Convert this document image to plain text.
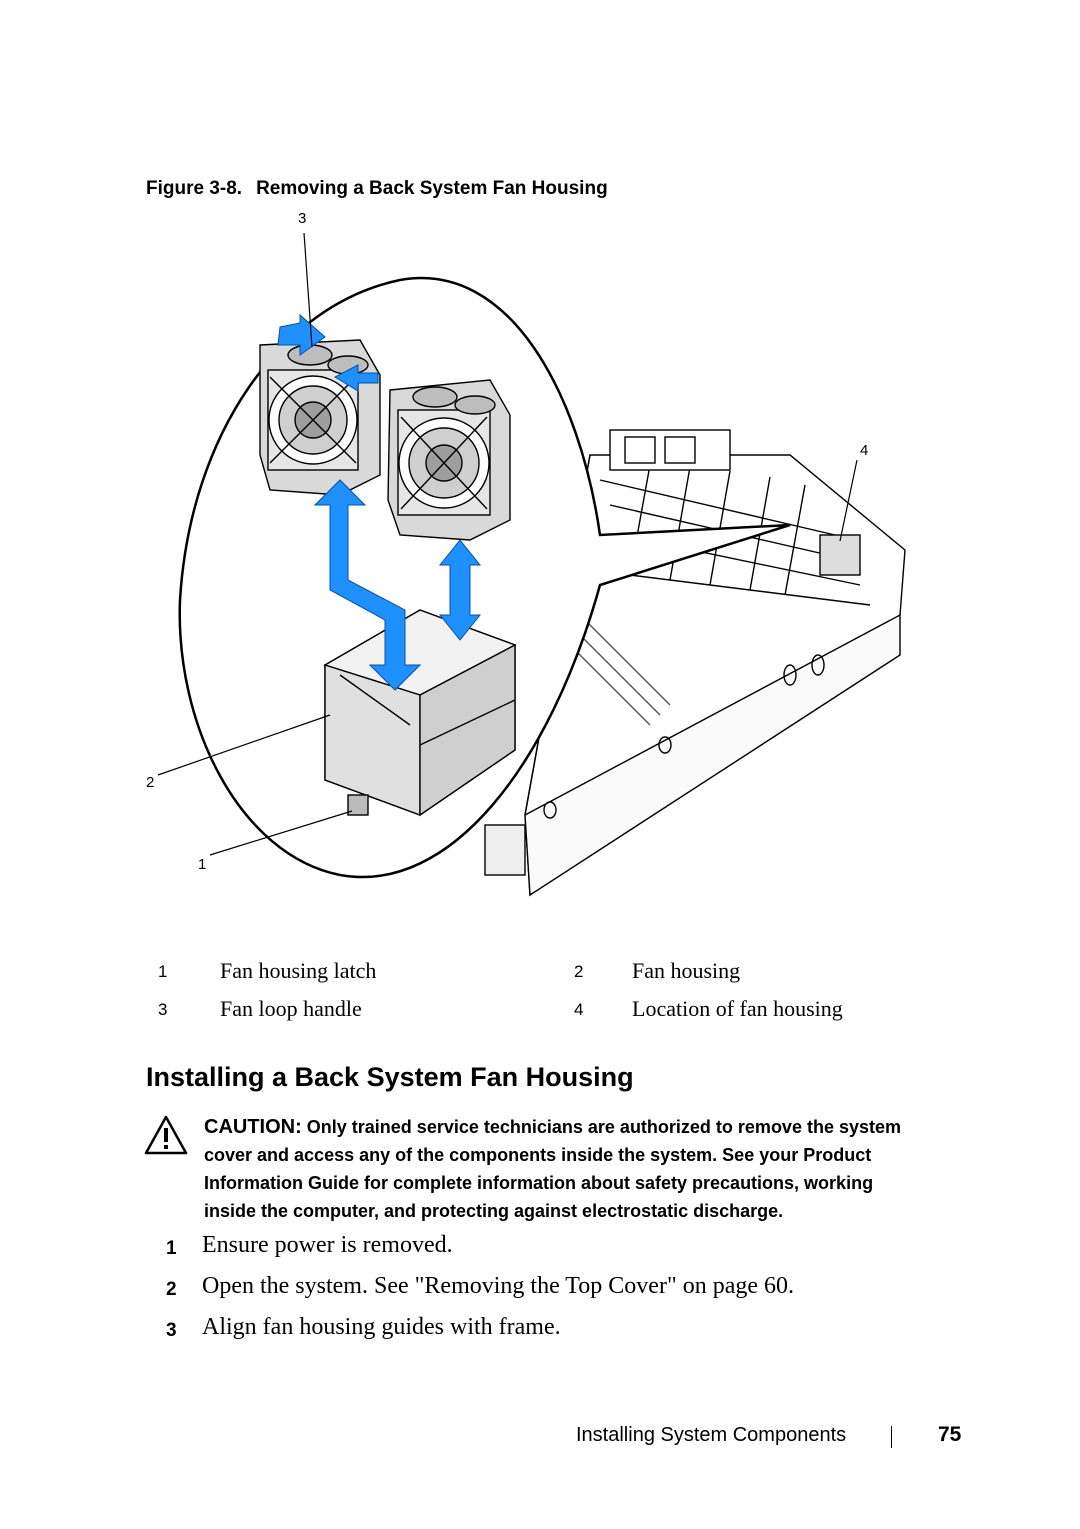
Figure 3-8. Removing a Back System Fan Housing
3
4
2
1
1 Fan housing latch	2 Fan housing
3 Fan loop handle	4 Location of fan housing
Installing a Back System Fan Housing
CAUTION: Only trained service technicians are authorized to remove the system
cover and access any of the components inside the system. See your Product
Information Guide for complete information about safety precautions, working
inside the computer, and protecting against electrostatic discharge.
1 Ensure power is removed.
2 Open the system. See "Removing the Top Cover" on page 60.
3 Align fan housing guides with frame.
Installing System Components	75
